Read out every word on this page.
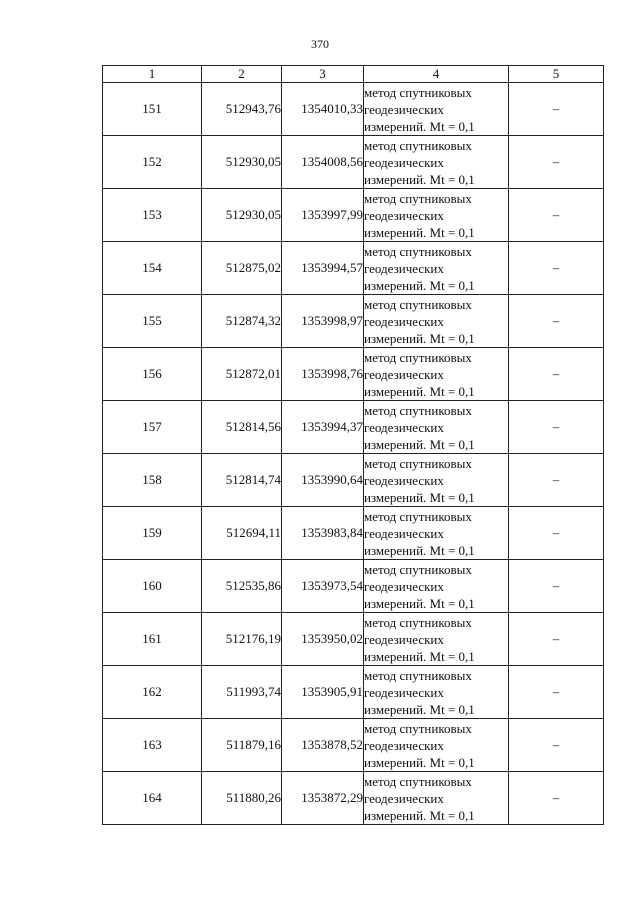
370
1	2	3	4	5
151	512943,76	1354010,33	метод спутниковых
геодезических
измерений. Mt = 0,1	–
152	512930,05	1354008,56	метод спутниковых
геодезических
измерений. Mt = 0,1	–
153	512930,05	1353997,99	метод спутниковых
геодезических
измерений. Mt = 0,1	–
154	512875,02	1353994,57	метод спутниковых
геодезических
измерений. Mt = 0,1	–
155	512874,32	1353998,97	метод спутниковых
геодезических
измерений. Mt = 0,1	–
156	512872,01	1353998,76	метод спутниковых
геодезических
измерений. Mt = 0,1	–
157	512814,56	1353994,37	метод спутниковых
геодезических
измерений. Mt = 0,1	–
158	512814,74	1353990,64	метод спутниковых
геодезических
измерений. Mt = 0,1	–
159	512694,11	1353983,84	метод спутниковых
геодезических
измерений. Mt = 0,1	–
160	512535,86	1353973,54	метод спутниковых
геодезических
измерений. Mt = 0,1	–
161	512176,19	1353950,02	метод спутниковых
геодезических
измерений. Mt = 0,1	–
162	511993,74	1353905,91	метод спутниковых
геодезических
измерений. Mt = 0,1	–
163	511879,16	1353878,52	метод спутниковых
геодезических
измерений. Mt = 0,1	–
164	511880,26	1353872,29	метод спутниковых
геодезических
измерений. Mt = 0,1	–
